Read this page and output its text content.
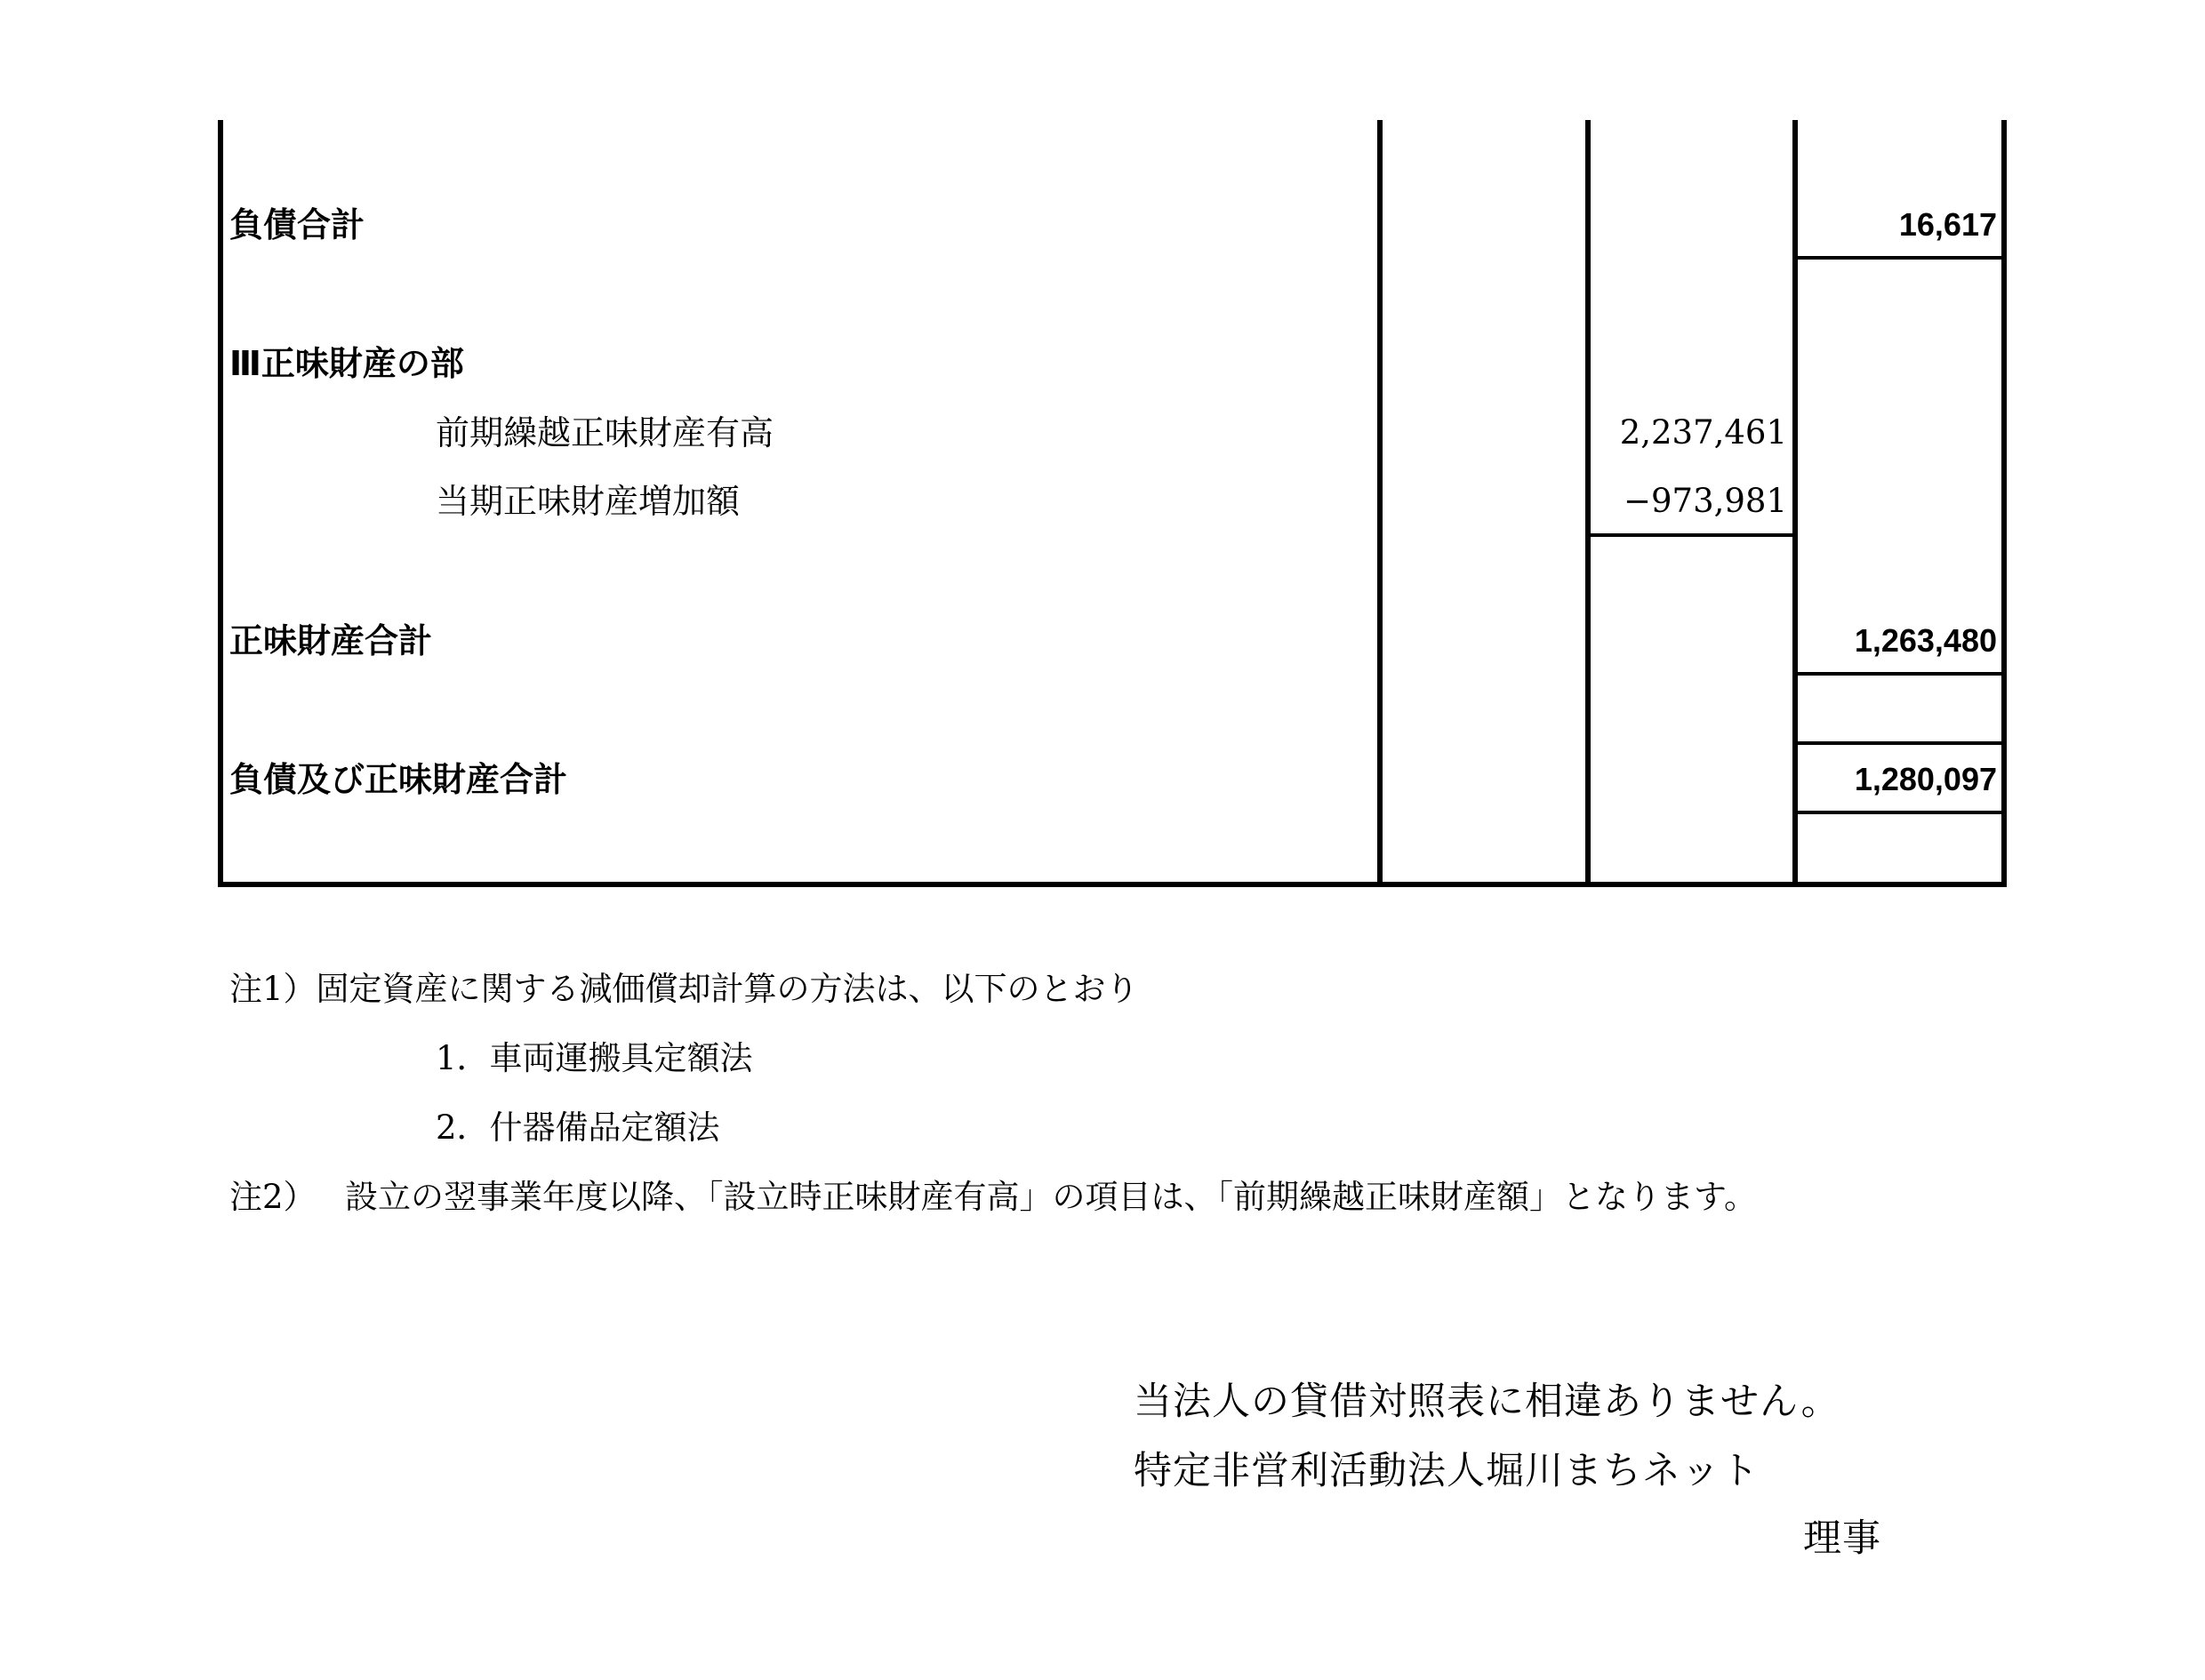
負債合計	16,617
Ⅲ正味財産の部
前期繰越正味財産有高	2,237,461
当期正味財産増加額	−973,981
正味財産合計	1,263,480
負債及び正味財産合計	1,280,097
注1）固定資産に関する減価償却計算の方法は、以下のとおり
1．車両運搬具定額法
2．什器備品定額法
注2） 設立の翌事業年度以降、「設立時正味財産有高」の項目は、「前期繰越正味財産額」となります。
当法人の貸借対照表に相違ありません。
特定非営利活動法人堀川まちネット
理事
